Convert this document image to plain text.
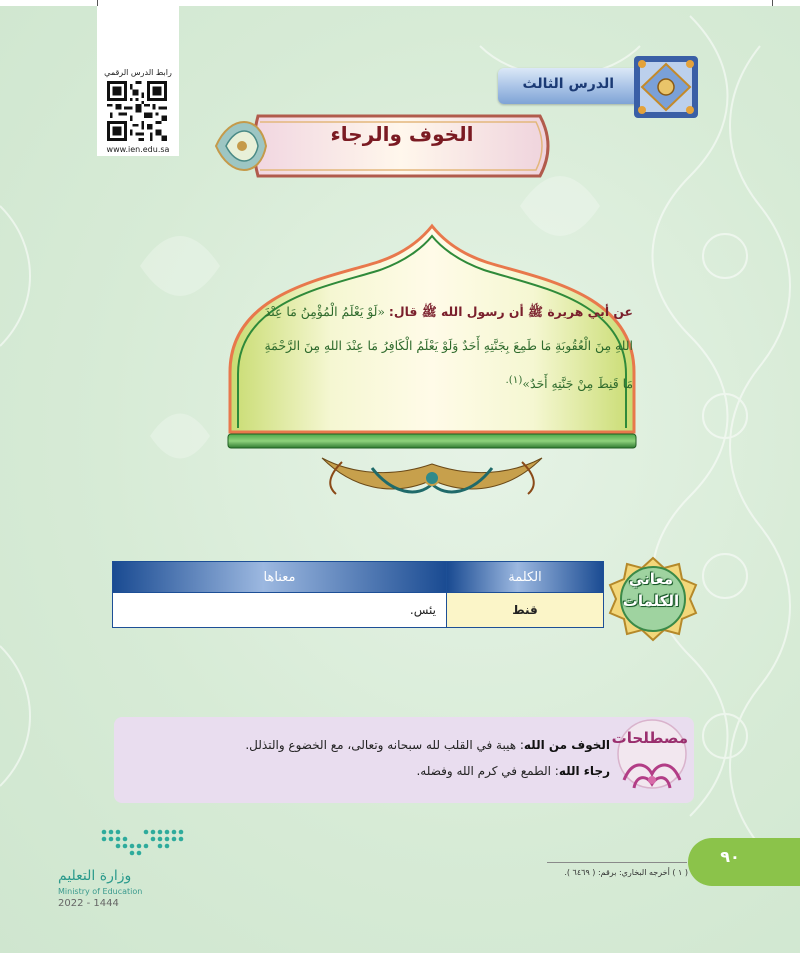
رابط الدرس الرقمي
www.ien.edu.sa
الدرس الثالث
الخوف والرجاء
عن أبي هريرة ﷺ أن رسول الله ﷺ قال: «لَوْ يَعْلَمُ الْمُؤْمِنُ مَا عِنْدَ اللهِ مِنَ الْعُقُوبَةِ مَا طَمِعَ بِجَنَّتِهِ أَحَدٌ وَلَوْ يَعْلَمُ الْكَافِرُ مَا عِنْدَ اللهِ مِنَ الرَّحْمَةِ مَا قَنِطَ مِنْ جَنَّتِهِ أَحَدٌ»$^{(١).}$
معاني
الكلمات
الكلمة	معناها
قنط	يئس.
مصطلحات
الخوف من الله: هيبة في القلب لله سبحانه وتعالى، مع الخضوع والتذلل.
رجاء الله: الطمع في كرم الله وفضله.
وزارة التعليم
Ministry of Education
2022 - 1444
( ١ ) أخرجه البخاري: برقم: ( ٦٤٦٩ ).
٩٠
